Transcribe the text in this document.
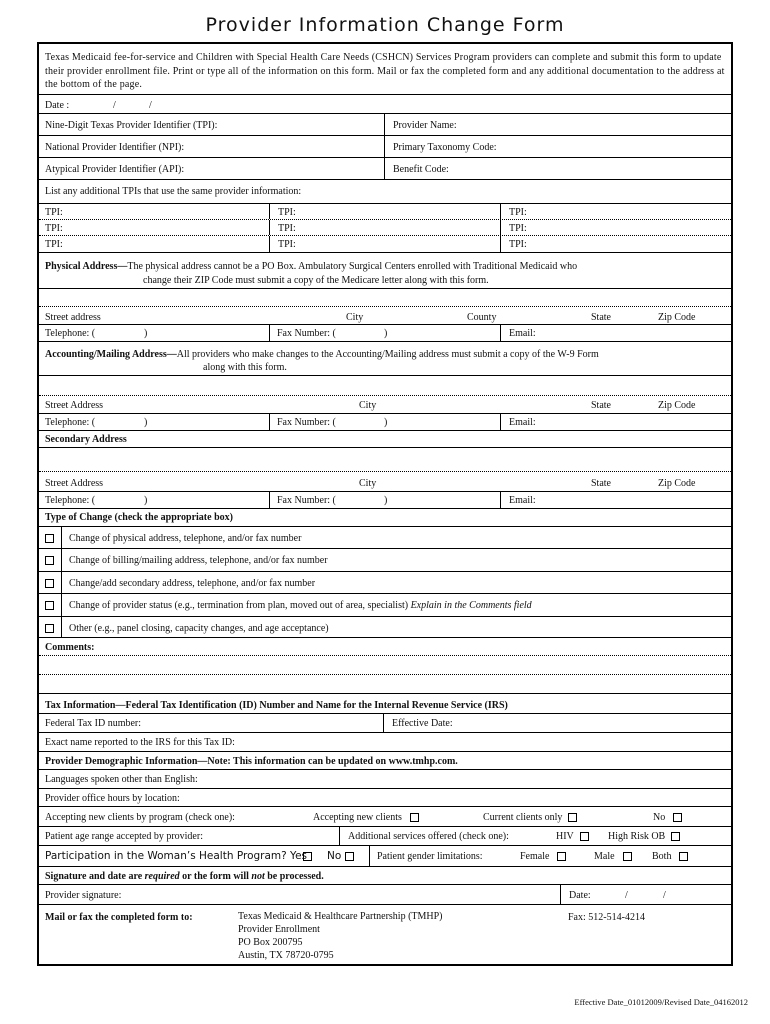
Provider Information Change Form
Texas Medicaid fee-for-service and Children with Special Health Care Needs (CSHCN) Services Program providers can complete and submit this form to update their provider enrollment file. Print or type all of the information on this form. Mail or fax the completed form and any additional documentation to the address at the bottom of the page.
Date :	/	/
Nine-Digit Texas Provider Identifier (TPI):	Provider Name:
National Provider Identifier (NPI):	Primary Taxonomy Code:
Atypical Provider Identifier (API):	Benefit Code:
List any additional TPIs that use the same provider information:
TPI:	TPI:	TPI:
TPI:	TPI:	TPI:
TPI:	TPI:	TPI:
Physical Address—The physical address cannot be a PO Box. Ambulatory Surgical Centers enrolled with Traditional Medicaid who
change their ZIP Code must submit a copy of the Medicare letter along with this form.
Street address	City	County	State	Zip Code
Telephone: (	)	Fax Number: (	)	Email:
Accounting/Mailing Address—All providers who make changes to the Accounting/Mailing address must submit a copy of the W-9 Form
along with this form.
Street Address	City	State	Zip Code
Telephone: (	)	Fax Number: (	)	Email:
Secondary Address
Street Address	City	State	Zip Code
Telephone: (	)	Fax Number: (	)	Email:
Type of Change (check the appropriate box)
Change of physical address, telephone, and/or fax number
Change of billing/mailing address, telephone, and/or fax number
Change/add secondary address, telephone, and/or fax number
Change of provider status (e.g., termination from plan, moved out of area, specialist) Explain in the Comments field
Other (e.g., panel closing, capacity changes, and age acceptance)
Comments:
Tax Information—Federal Tax Identification (ID) Number and Name for the Internal Revenue Service (IRS)
Federal Tax ID number:	Effective Date:
Exact name reported to the IRS for this Tax ID:
Provider Demographic Information—Note: This information can be updated on www.tmhp.com.
Languages spoken other than English:
Provider office hours by location:
Accepting new clients by program (check one):	Accepting new clients	Current clients only	No
Patient age range accepted by provider:	Additional services offered (check one):	HIV	High Risk OB
Participation in the Woman’s Health Program? Yes No	Patient gender limitations:	Female	Male	Both
Signature and date are required or the form will not be processed.
Provider signature:	Date:	/	/
Mail or fax the completed form to:	Texas Medicaid & Healthcare Partnership (TMHP)
Provider Enrollment
PO Box 200795
Austin, TX 78720-0795
Fax: 512-514-4214
Effective Date_01012009/Revised Date_04162012
